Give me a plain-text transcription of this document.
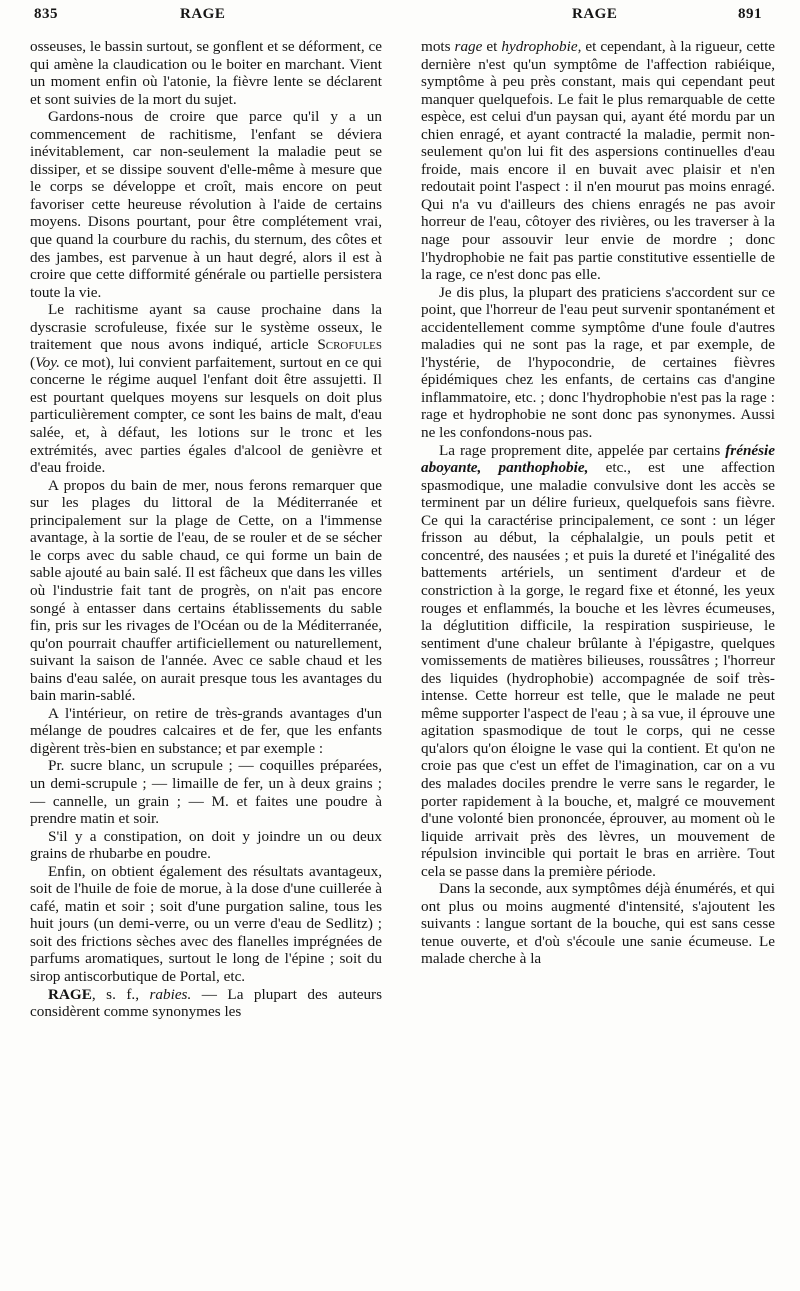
835	RAGE	RAGE	891

osseuses, le bassin surtout, se gonflent et se déforment, ce qui amène la claudication ou le boiter en marchant. Vient un moment enfin où l'atonie, la fièvre lente se déclarent et sont suivies de la mort du sujet.

Gardons-nous de croire que parce qu'il y a un commencement de rachitisme, l'enfant se déviera inévitablement, car non-seulement la maladie peut se dissiper, et se dissipe souvent d'elle-même à mesure que le corps se développe et croît, mais encore on peut favoriser cette heureuse révolution à l'aide de certains moyens. Disons pourtant, pour être complétement vrai, que quand la courbure du rachis, du sternum, des côtes et des jambes, est parvenue à un haut degré, alors il est à croire que cette difformité générale ou partielle persistera toute la vie.

Le rachitisme ayant sa cause prochaine dans la dyscrasie scrofuleuse, fixée sur le système osseux, le traitement que nous avons indiqué, article Scrofules (Voy. ce mot), lui convient parfaitement, surtout en ce qui concerne le régime auquel l'enfant doit être assujetti. Il est pourtant quelques moyens sur lesquels on doit plus particulièrement compter, ce sont les bains de malt, d'eau salée, et, à défaut, les lotions sur le tronc et les extrémités, avec parties égales d'alcool de genièvre et d'eau froide.

A propos du bain de mer, nous ferons remarquer que sur les plages du littoral de la Méditerranée et principalement sur la plage de Cette, on a l'immense avantage, à la sortie de l'eau, de se rouler et de se sécher le corps avec du sable chaud, ce qui forme un bain de sable ajouté au bain salé. Il est fâcheux que dans les villes où l'industrie fait tant de progrès, on n'ait pas encore songé à entasser dans certains établissements du sable fin, pris sur les rivages de l'Océan ou de la Méditerranée, qu'on pourrait chauffer artificiellement ou naturellement, suivant la saison de l'année. Avec ce sable chaud et les bains d'eau salée, on aurait presque tous les avantages du bain marin-sablé.

A l'intérieur, on retire de très-grands avantages d'un mélange de poudres calcaires et de fer, que les enfants digèrent très-bien en substance; et par exemple :

Pr. sucre blanc, un scrupule ; — coquilles préparées, un demi-scrupule ; — limaille de fer, un à deux grains ; — cannelle, un grain ; — M. et faites une poudre à prendre matin et soir.

S'il y a constipation, on doit y joindre un ou deux grains de rhubarbe en poudre.

Enfin, on obtient également des résultats avantageux, soit de l'huile de foie de morue, à la dose d'une cuillerée à café, matin et soir ; soit d'une purgation saline, tous les huit jours (un demi-verre, ou un verre d'eau de Sedlitz) ; soit des frictions sèches avec des flanelles imprégnées de parfums aromatiques, surtout le long de l'épine ; soit du sirop antiscorbutique de Portal, etc.

RAGE, s. f., rabies. — La plupart des auteurs considèrent comme synonymes les

mots rage et hydrophobie, et cependant, à la rigueur, cette dernière n'est qu'un symptôme de l'affection rabiéique, symptôme à peu près constant, mais qui cependant peut manquer quelquefois. Le fait le plus remarquable de cette espèce, est celui d'un paysan qui, ayant été mordu par un chien enragé, et ayant contracté la maladie, permit non-seulement qu'on lui fit des aspersions continuelles d'eau froide, mais encore il en buvait avec plaisir et n'en redoutait point l'aspect : il n'en mourut pas moins enragé. Qui n'a vu d'ailleurs des chiens enragés ne pas avoir horreur de l'eau, côtoyer des rivières, ou les traverser à la nage pour assouvir leur envie de mordre ; donc l'hydrophobie ne fait pas partie constitutive essentielle de la rage, ce n'est donc pas elle.

Je dis plus, la plupart des praticiens s'accordent sur ce point, que l'horreur de l'eau peut survenir spontanément et accidentellement comme symptôme d'une foule d'autres maladies qui ne sont pas la rage, et par exemple, de l'hystérie, de l'hypocondrie, de certaines fièvres épidémiques chez les enfants, de certains cas d'angine inflammatoire, etc. ; donc l'hydrophobie n'est pas la rage : rage et hydrophobie ne sont donc pas synonymes. Aussi ne les confondons-nous pas.

La rage proprement dite, appelée par certains frénésie aboyante, panthophobie, etc., est une affection spasmodique, une maladie convulsive dont les accès se terminent par un délire furieux, quelquefois sans fièvre. Ce qui la caractérise principalement, ce sont : un léger frisson au début, la céphalalgie, un pouls petit et concentré, des nausées ; et puis la dureté et l'inégalité des battements artériels, un sentiment d'ardeur et de constriction à la gorge, le regard fixe et étonné, les yeux rouges et enflammés, la bouche et les lèvres écumeuses, la déglutition difficile, la respiration suspirieuse, le sentiment d'une chaleur brûlante à l'épigastre, quelques vomissements de matières bilieuses, roussâtres ; l'horreur des liquides (hydrophobie) accompagnée de soif très-intense. Cette horreur est telle, que le malade ne peut même supporter l'aspect de l'eau ; à sa vue, il éprouve une agitation spasmodique de tout le corps, qui ne cesse qu'alors qu'on éloigne le vase qui la contient. Et qu'on ne croie pas que c'est un effet de l'imagination, car on a vu des malades dociles prendre le verre sans le regarder, le porter rapidement à la bouche, et, malgré ce mouvement d'une volonté bien prononcée, éprouver, au moment où le liquide arrivait près des lèvres, un mouvement de répulsion invincible qui portait le bras en arrière. Tout cela se passe dans la première période.

Dans la seconde, aux symptômes déjà énumérés, et qui ont plus ou moins augmenté d'intensité, s'ajoutent les suivants : langue sortant de la bouche, qui est sans cesse tenue ouverte, et d'où s'écoule une sanie écumeuse. Le malade cherche à la
